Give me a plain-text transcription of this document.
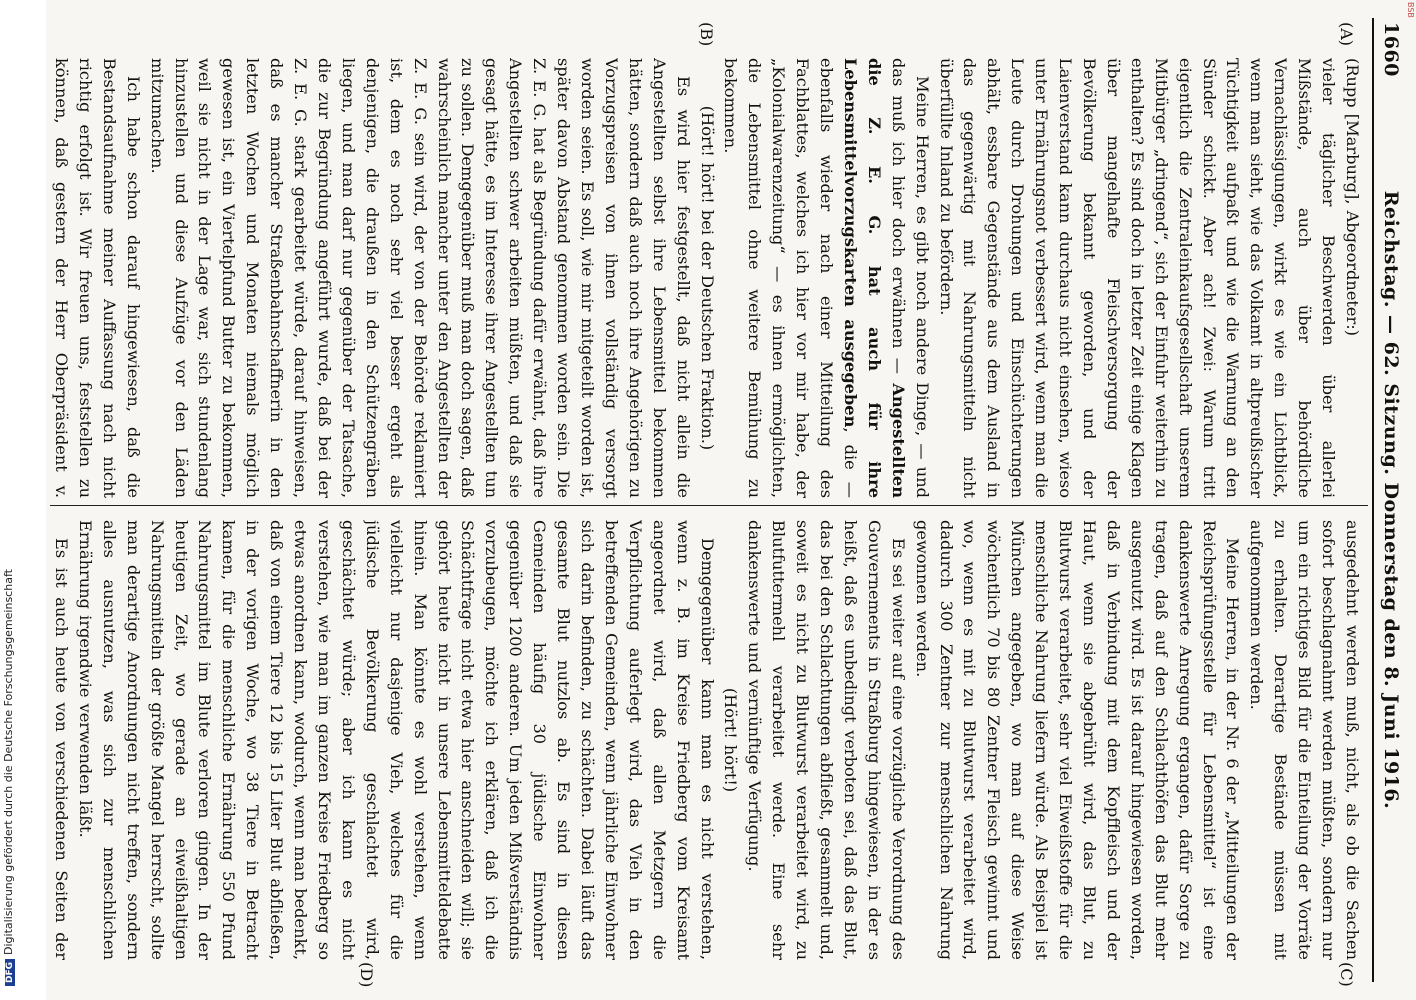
1660
Reichstag. — 62. Sitzung. Donnerstag den 8. Juni 1916.
(A)
(B)
(C)
(D)

(Rupp [Marburg], Abgeordneter:)

vieler täglicher Beschwerden über allerlei Mißstände, auch über behördliche Vernachlässigungen, wirkt es wie ein Lichtblick, wenn man sieht, wie das Volkamt in altpreußischer Tüchtigkeit aufpaßt und wie die Warnung an den Sünder schickt. Aber ach! Zwei: Warum tritt eigentlich die Zentraleinkaufsgesellschaft unserem Mitbürger „dringend“, sich der Einfuhr weiterhin zu enthalten? Es sind doch in letzter Zeit einige Klagen über mangelhafte Fleischversorgung der Bevölkerung bekannt geworden, und der Laienverstand kann durchaus nicht einsehen, wieso unter Ernährungsnot verbessert wird, wenn man die Leute durch Drohungen und Einschüchterungen abhält, essbare Gegenstände aus dem Ausland in das gegenwärtig mit Nahrungsmitteln nicht überfüllte Inland zu befördern.

Meine Herren, es gibt noch andere Dinge, — und das muß ich hier doch erwähnen — Angestellten die Z. E. G. hat auch für ihre Lebensmittelvorzugskarten ausgegeben, die — ebenfalls wieder nach einer Mitteilung des Fachblattes, welches ich hier vor mir habe, der „Kolonialwarenzeitung“ — es ihnen ermöglichten, die Lebensmittel ohne weitere Bemühung zu bekommen.

(Hört! hört! bei der Deutschen Fraktion.)

Es wird hier festgestellt, daß nicht allein die Angestellten selbst ihre Lebensmittel bekommen hätten, sondern daß auch noch ihre Angehörigen zu Vorzugspreisen von ihnen vollständig versorgt worden seien. Es soll, wie mir mitgeteilt worden ist, später davon Abstand genommen worden sein. Die Z. E. G. hat als Begründung dafür erwähnt, daß ihre Angestellten schwer arbeiten müßten, und daß sie gesagt hätte, es im Interesse ihrer Angestellten tun zu sollen. Demgegenüber muß man doch sagen, daß wahrscheinlich mancher unter den Angestellten der Z. E. G. sein wird, der von der Behörde reklamiert ist, dem es noch sehr viel besser ergeht als denjenigen, die draußen in den Schützengräben liegen, und man darf nur gegenüber der Tatsache, die zur Begründung angeführt wurde, daß bei der Z. E. G. stark gearbeitet würde, darauf hinweisen, daß es mancher Straßenbahnschaffnerin in den letzten Wochen und Monaten niemals möglich gewesen ist, ein Viertelpfund Butter zu bekommen, weil sie nicht in der Lage war, sich stundenlang hinzustellen und diese Aufzüge vor den Läden mitzumachen.

Ich habe schon darauf hingewiesen, daß die Bestandsaufnahme meiner Auffassung nach nicht richtig erfolgt ist. Wir freuen uns, feststellen zu können, daß gestern der Herr Oberpräsident v.

ausgedehnt werden muß, nicht, als ob die Sachen sofort beschlagnahmt werden müßten, sondern nur um ein richtiges Bild für die Einteilung der Vorräte zu erhalten. Derartige Bestände müssen mit aufgenommen werden.

Meine Herren, in der Nr. 6 der „Mitteilungen der Reichsprüfungsstelle für Lebensmittel“ ist eine dankenswerte Anregung ergangen, dafür Sorge zu tragen, daß auf den Schlachthöfen das Blut mehr ausgenutzt wird. Es ist darauf hingewiesen worden, daß in Verbindung mit dem Kopffleisch und der Haut, wenn sie abgebrüht wird, das Blut, zu Blutwurst verarbeitet, sehr viel Eiweißstoffe für die menschliche Nahrung liefern würde. Als Beispiel ist München angegeben, wo man auf diese Weise wöchentlich 70 bis 80 Zentner Fleisch gewinnt und wo, wenn es mit zu Blutwurst verarbeitet wird, dadurch 300 Zentner zur menschlichen Nahrung gewonnen werden.

Es sei weiter auf eine vorzügliche Verordnung des Gouvernements in Straßburg hingewiesen, in der es heißt, daß es unbedingt verboten sei, daß das Blut, das bei den Schlachtungen abfließt, gesammelt und, soweit es nicht zu Blutwurst verarbeitet wird, zu Blutfuttermehl verarbeitet werde. Eine sehr dankenswerte und vernünftige Verfügung.

(Hört! hört!)

Demgegenüber kann man es nicht verstehen, wenn z. B. im Kreise Friedberg vom Kreisamt angeordnet wird, daß allen Metzgern die Verpflichtung auferlegt wird, das Vieh in den betreffenden Gemeinden, wenn jährliche Einwohner sich darin befinden, zu schächten. Dabei läuft das gesamte Blut nutzlos ab. Es sind in diesen Gemeinden häufig 30 jüdische Einwohner gegenüber 1200 anderen. Um jeden Mißverständnis vorzubeugen, möchte ich erklären, daß ich die Schächtfrage nicht etwa hier anschneiden will; sie gehört heute nicht in unsere Lebensmitteldebatte hinein. Man könnte es wohl verstehen, wenn vielleicht nur dasjenige Vieh, welches für die jüdische Bevölkerung geschlachtet wird, geschächtet würde; aber ich kann es nicht verstehen, wie man im ganzen Kreise Friedberg so etwas anordnen kann, wodurch, wenn man bedenkt, daß von einem Tiere 12 bis 15 Liter Blut abfließen, in der vorigen Woche, wo 38 Tiere in Betracht kamen, für die menschliche Ernährung 550 Pfund Nahrungsmittel im Blute verloren gingen. In der heutigen Zeit, wo gerade an eiweißhaltigen Nahrungsmitteln der größte Mangel herrscht, sollte man derartige Anordnungen nicht treffen, sondern alles ausnutzen, was sich zur menschlichen Ernährung irgendwie verwenden läßt.

Es ist auch heute von verschiedenen Seiten der

DFGDigitalisierung gefördert durch die Deutsche Forschungsgemeinschaft
BSB
